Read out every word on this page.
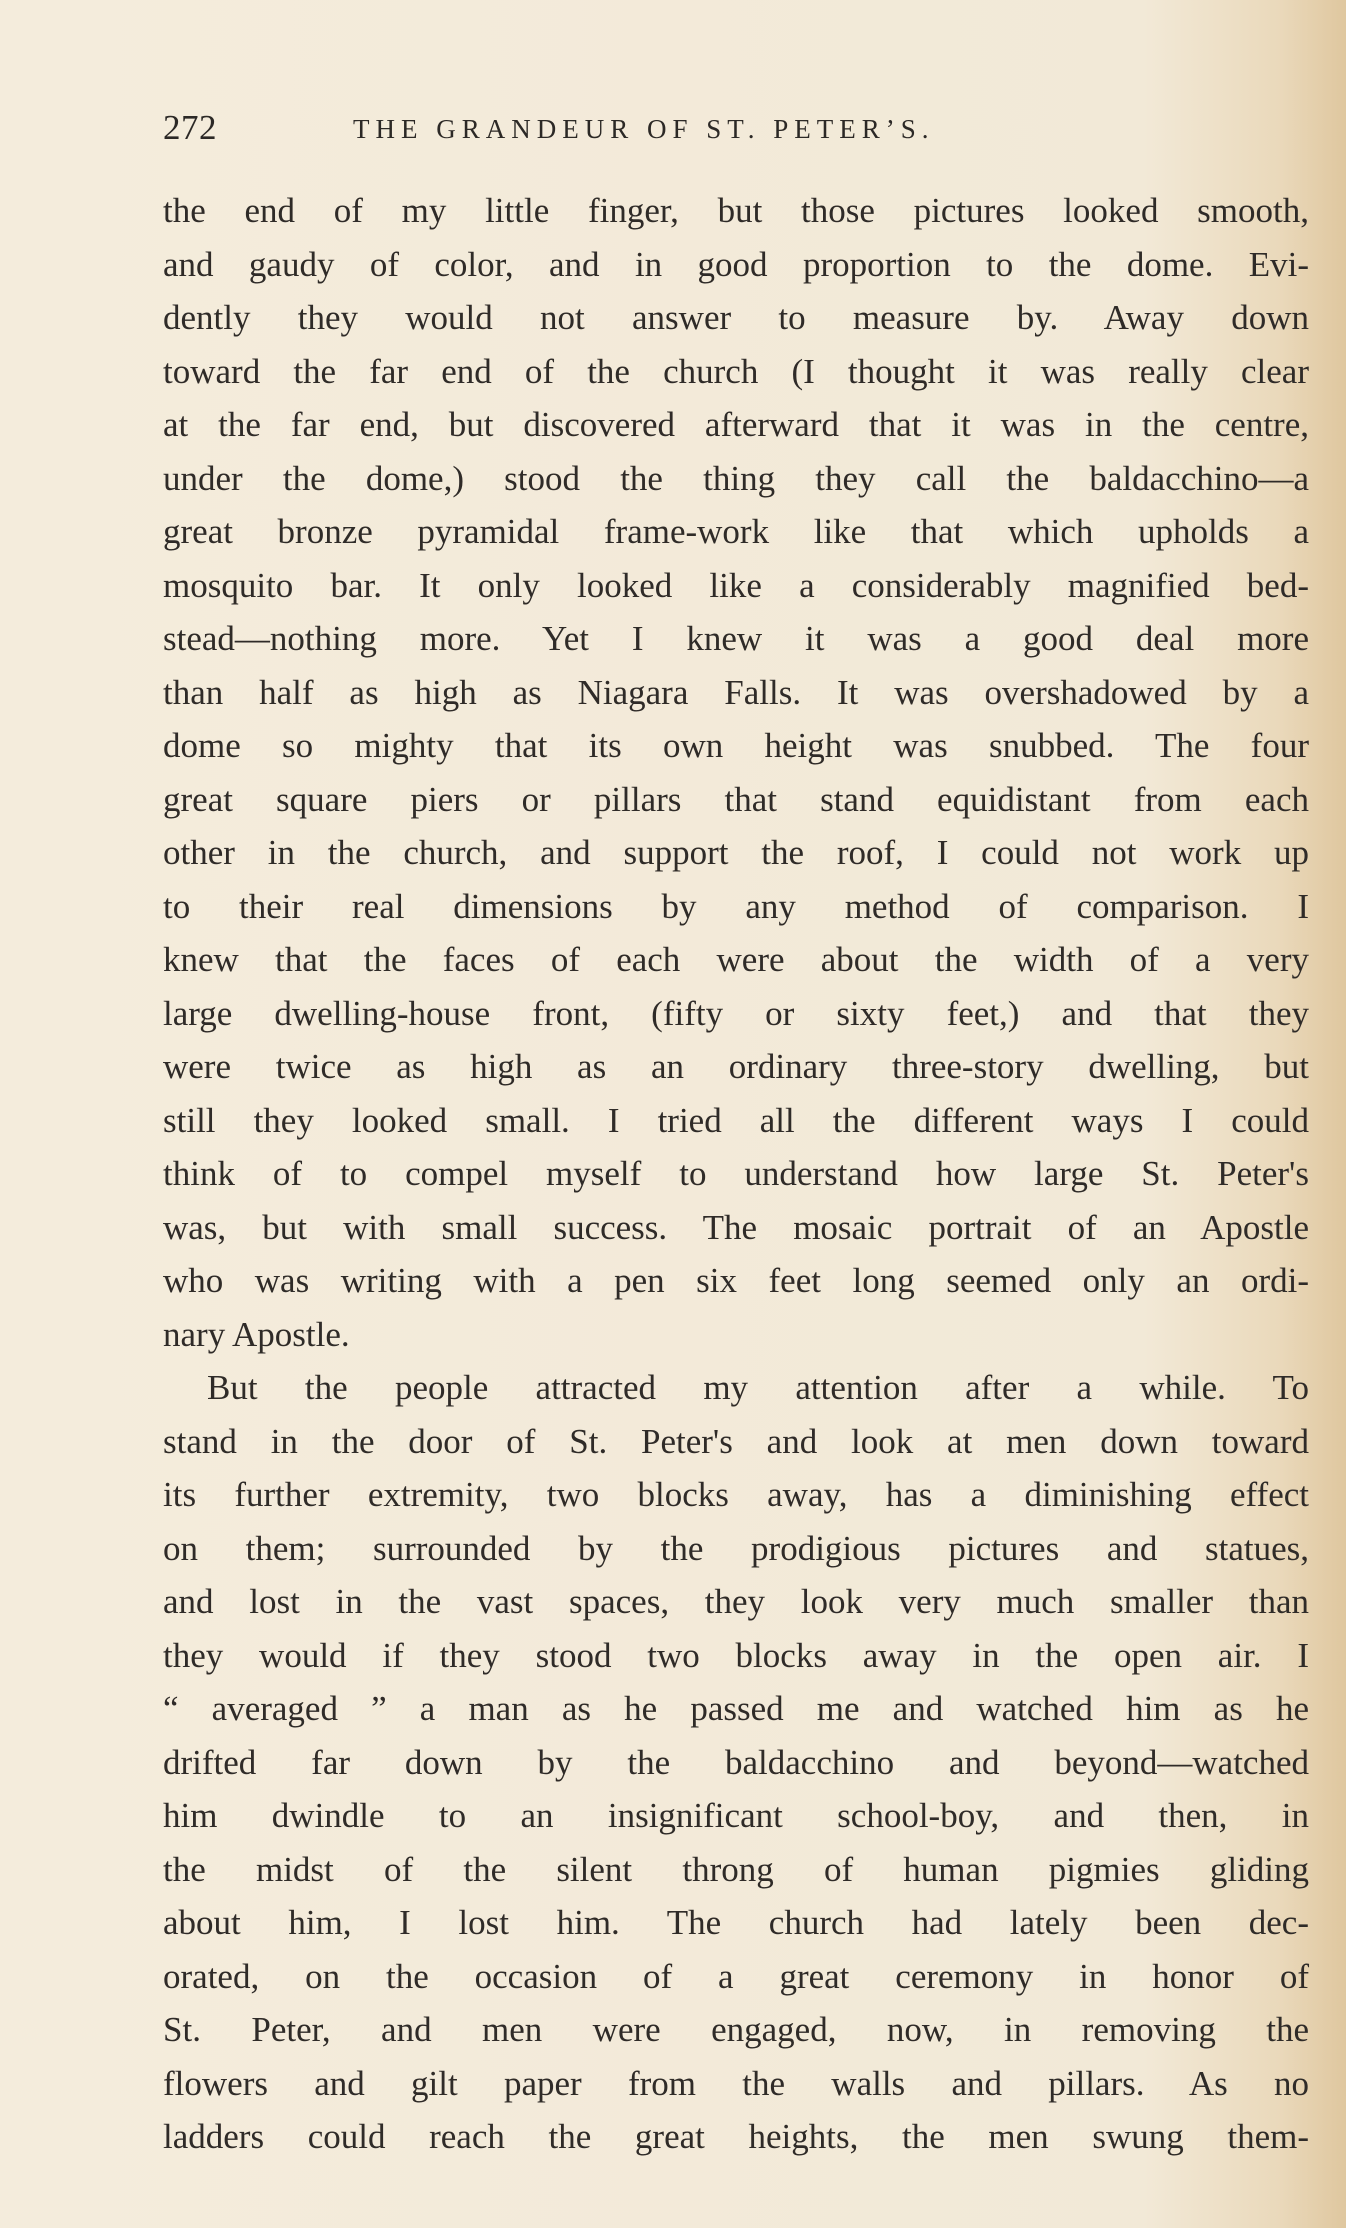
272	THE GRANDEUR OF ST. PETER’S.
the end of my little finger, but those pictures looked smooth,
and gaudy of color, and in good proportion to the dome. Evi-
dently they would not answer to measure by. Away down
toward the far end of the church (I thought it was really clear
at the far end, but discovered afterward that it was in the centre,
under the dome,) stood the thing they call the baldacchino—a
great bronze pyramidal frame-work like that which upholds a
mosquito bar. It only looked like a considerably magnified bed-
stead—nothing more. Yet I knew it was a good deal more
than half as high as Niagara Falls. It was overshadowed by a
dome so mighty that its own height was snubbed. The four
great square piers or pillars that stand equidistant from each
other in the church, and support the roof, I could not work up
to their real dimensions by any method of comparison. I
knew that the faces of each were about the width of a very
large dwelling-house front, (fifty or sixty feet,) and that they
were twice as high as an ordinary three-story dwelling, but
still they looked small. I tried all the different ways I could
think of to compel myself to understand how large St. Peter's
was, but with small success. The mosaic portrait of an Apostle
who was writing with a pen six feet long seemed only an ordi-
nary Apostle.
But the people attracted my attention after a while. To
stand in the door of St. Peter's and look at men down toward
its further extremity, two blocks away, has a diminishing effect
on them; surrounded by the prodigious pictures and statues,
and lost in the vast spaces, they look very much smaller than
they would if they stood two blocks away in the open air. I
“ averaged ” a man as he passed me and watched him as he
drifted far down by the baldacchino and beyond—watched
him dwindle to an insignificant school-boy, and then, in
the midst of the silent throng of human pigmies gliding
about him, I lost him. The church had lately been dec-
orated, on the occasion of a great ceremony in honor of
St. Peter, and men were engaged, now, in removing the
flowers and gilt paper from the walls and pillars. As no
ladders could reach the great heights, the men swung them-
